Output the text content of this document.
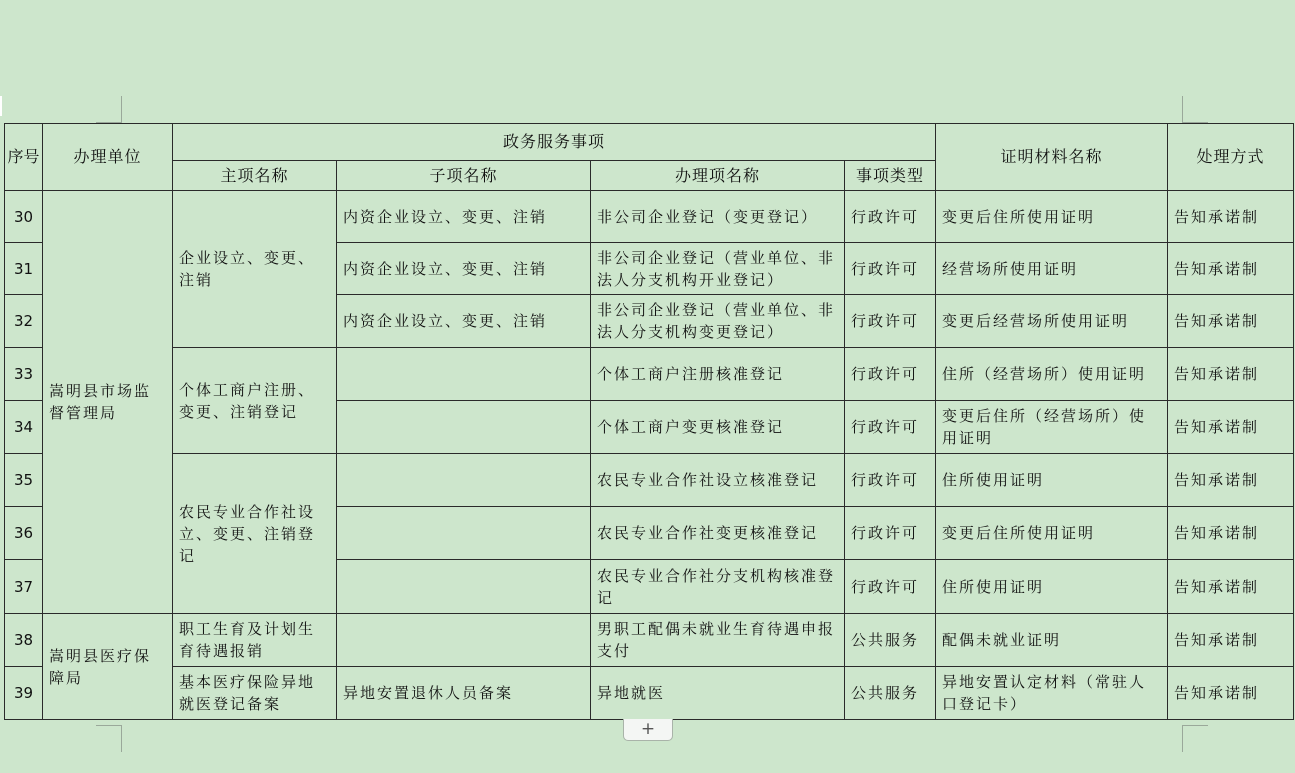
序号	办理单位	政务服务事项				证明材料名称	处理方式
		主项名称	子项名称	办理项名称	事项类型		
30	嵩明县市场监督管理局	企业设立、变更、注销	内资企业设立、变更、注销	非公司企业登记（变更登记）	行政许可	变更后住所使用证明	告知承诺制
31			内资企业设立、变更、注销	非公司企业登记（营业单位、非法人分支机构开业登记）	行政许可	经营场所使用证明	告知承诺制
32			内资企业设立、变更、注销	非公司企业登记（营业单位、非法人分支机构变更登记）	行政许可	变更后经营场所使用证明	告知承诺制
33		个体工商户注册、变更、注销登记		个体工商户注册核准登记	行政许可	住所（经营场所）使用证明	告知承诺制
34				个体工商户变更核准登记	行政许可	变更后住所（经营场所）使用证明	告知承诺制
35		农民专业合作社设立、变更、注销登记		农民专业合作社设立核准登记	行政许可	住所使用证明	告知承诺制
36				农民专业合作社变更核准登记	行政许可	变更后住所使用证明	告知承诺制
37				农民专业合作社分支机构核准登记	行政许可	住所使用证明	告知承诺制
38	嵩明县医疗保障局	职工生育及计划生育待遇报销		男职工配偶未就业生育待遇申报支付	公共服务	配偶未就业证明	告知承诺制
39		基本医疗保险异地就医登记备案	异地安置退休人员备案	异地就医	公共服务	异地安置认定材料（常驻人口登记卡）	告知承诺制
+
